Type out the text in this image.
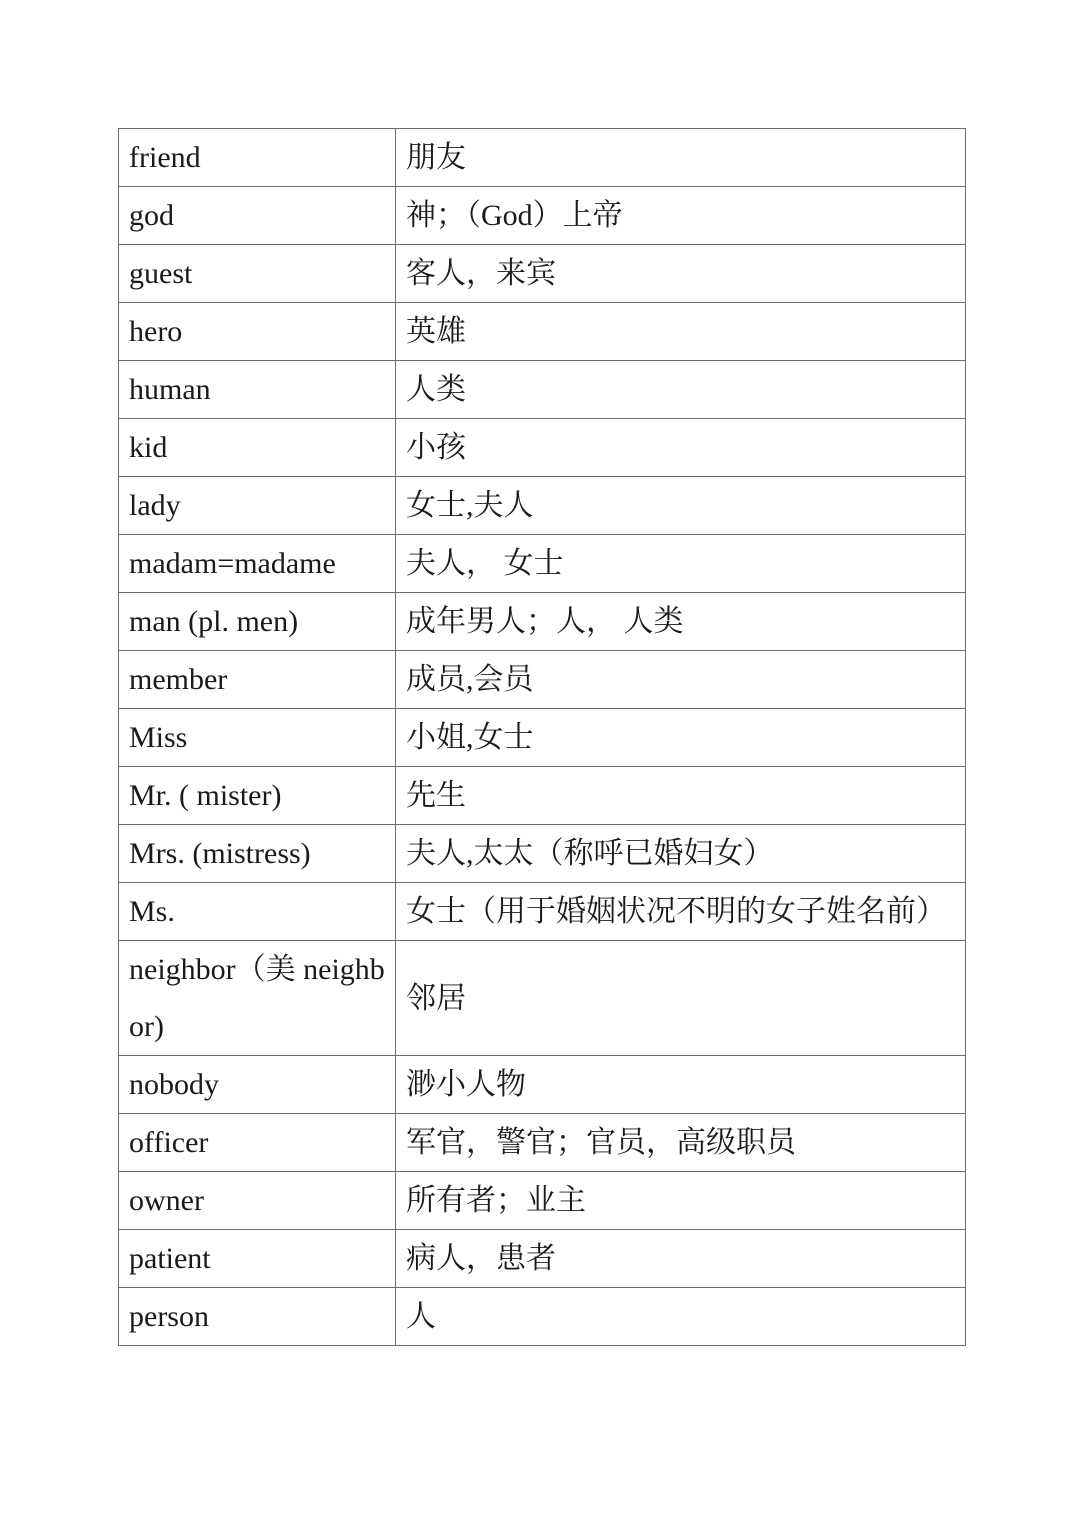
friend	朋友
god	神；（God）上帝
guest	客人，来宾
hero	英雄
human	人类
kid	小孩
lady	女士,夫人
madam=madame	夫人， 女士
man (pl. men)	成年男人；人， 人类
member	成员,会员
Miss	小姐,女士
Mr. ( mister)	先生
Mrs. (mistress)	夫人,太太（称呼已婚妇女）
Ms.	女士（用于婚姻状况不明的女子姓名前）
neighbor（美 neighbor)	邻居
nobody	渺小人物
officer	军官，警官；官员，高级职员
owner	所有者；业主
patient	病人，患者
person	人
